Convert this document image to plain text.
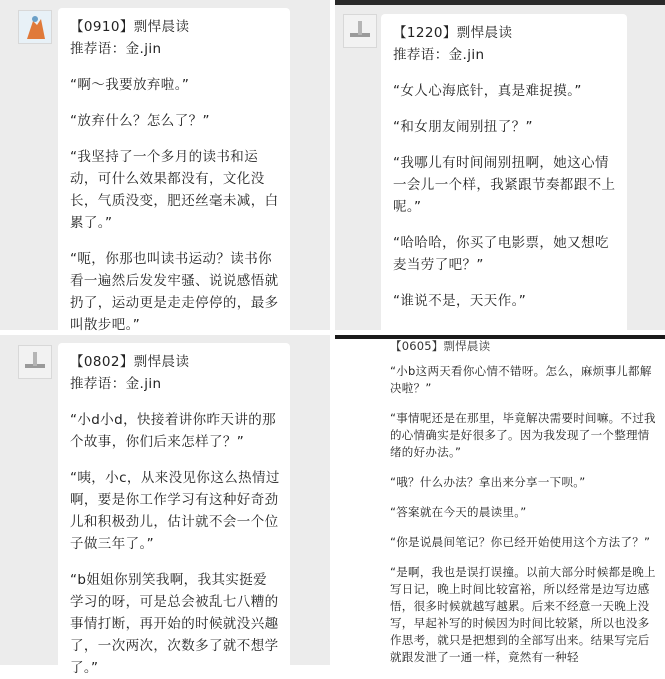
【0910】剽悍晨读

推荐语：金.jin

“啊～我要放弃啦。”

“放弃什么？怎么了？”

“我坚持了一个多月的读书和运动，可什么效果都没有，文化没长，气质没变，肥还丝毫未减，白累了。”

“呃，你那也叫读书运动？读书你看一遍然后发发牢骚、说说感悟就扔了，运动更是走走停停的，最多叫散步吧。”

【1220】剽悍晨读

推荐语：金.jin

“女人心海底针，真是难捉摸。”

“和女朋友闹别扭了？”

“我哪儿有时间闹别扭啊，她这心情一会儿一个样，我紧跟节奏都跟不上呢。”

“哈哈哈，你买了电影票，她又想吃麦当劳了吧？”

“谁说不是，天天作。”

【0802】剽悍晨读

推荐语：金.jin

“小d小d，快接着讲你昨天讲的那个故事，你们后来怎样了？”

“咦，小c，从来没见你这么热情过啊，要是你工作学习有这种好奇劲儿和积极劲儿，估计就不会一个位子做三年了。”

“b姐姐你别笑我啊，我其实挺爱学习的呀，可是总会被乱七八糟的事情打断，再开始的时候就没兴趣了，一次两次，次数多了就不想学了。”

【0605】剽悍晨读

“小b这两天看你心情不错呀。怎么，麻烦事儿都解决啦？”

“事情呢还是在那里，毕竟解决需要时间嘛。不过我的心情确实是好很多了。因为我发现了一个整理情绪的好办法。”

“哦？什么办法？拿出来分享一下呗。”

“答案就在今天的晨读里。”

“你是说晨间笔记？你已经开始使用这个方法了？”

“是啊，我也是误打误撞。以前大部分时候都是晚上写日记，晚上时间比较富裕，所以经常是边写边感悟，很多时候就越写越累。后来不经意一天晚上没写，早起补写的时候因为时间比较紧，所以也没多作思考，就只是把想到的全部写出来。结果写完后就跟发泄了一通一样，竟然有一种轻
